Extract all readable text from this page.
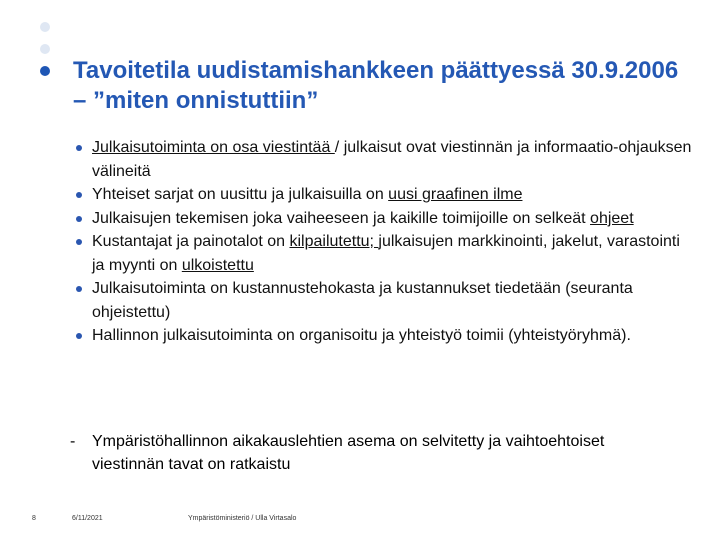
Tavoitetila uudistamishankkeen päättyessä 30.9.2006 – ”miten onnistuttiin”
Julkaisutoiminta on osa viestintää / julkaisut ovat viestinnän ja informaatio-ohjauksen välineitä
Yhteiset sarjat on uusittu ja julkaisuilla on uusi graafinen ilme
Julkaisujen tekemisen joka vaiheeseen ja kaikille toimijoille on selkeät ohjeet
Kustantajat ja painotalot on kilpailutettu; julkaisujen markkinointi, jakelut, varastointi ja myynti on ulkoistettu
Julkaisutoiminta on kustannustehokasta ja kustannukset tiedetään (seuranta ohjeistettu)
Hallinnon julkaisutoiminta on organisoitu ja yhteistyö toimii (yhteistyöryhmä).
-	Ympäristöhallinnon aikakauslehtien asema on selvitetty ja vaihtoehtoiset viestinnän tavat on ratkaistu
8	6/11/2021	Ympäristöministeriö / Ulla Virtasalo
